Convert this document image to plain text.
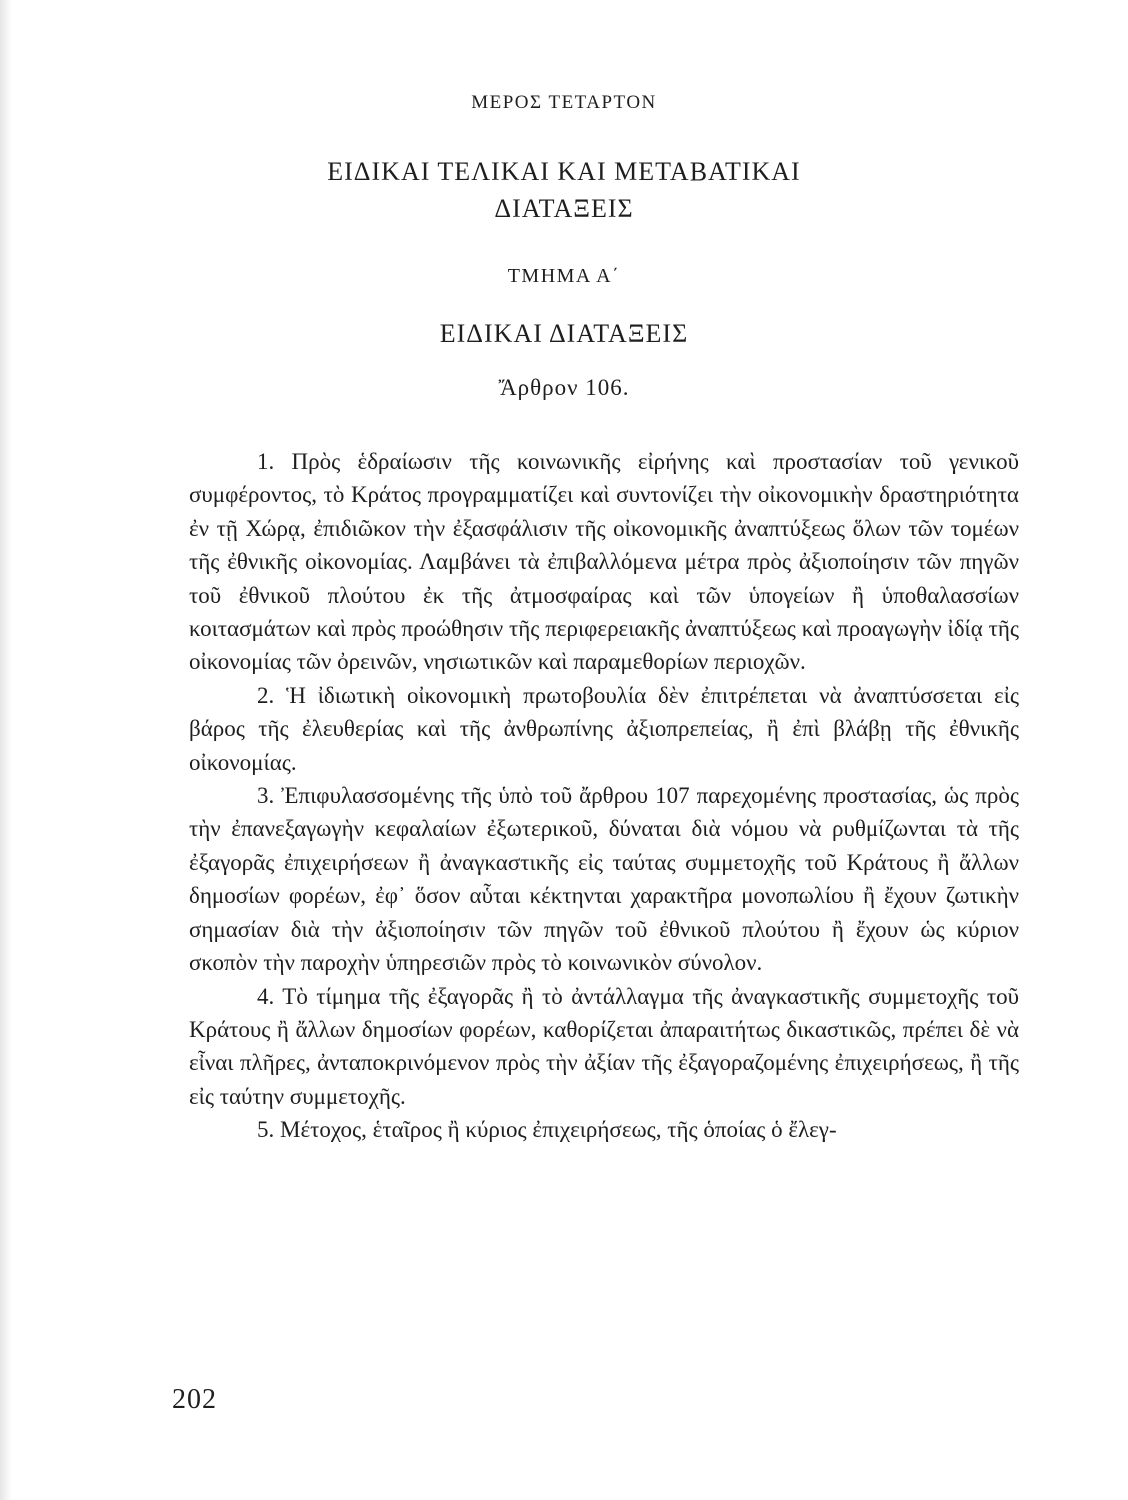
ΜΕΡΟΣ ΤΕΤΑΡΤΟΝ
ΕΙΔΙΚΑΙ ΤΕΛΙΚΑΙ ΚΑΙ ΜΕΤΑΒΑΤΙΚΑΙ
ΔΙΑΤΑΞΕΙΣ
ΤΜΗΜΑ Α΄
ΕΙΔΙΚΑΙ ΔΙΑΤΑΞΕΙΣ
Ἄρθρον 106.

1. Πρὸς ἑδραίωσιν τῆς κοινωνικῆς εἰρήνης καὶ προστασίαν τοῦ γενικοῦ συμφέροντος, τὸ Κράτος προγραμματίζει καὶ συντονίζει τὴν οἰκονομικὴν δραστηριότητα ἐν τῇ Χώρᾳ, ἐπιδιῶκον τὴν ἐξασφάλισιν τῆς οἰκονομικῆς ἀναπτύξεως ὅλων τῶν τομέων τῆς ἐθνικῆς οἰκονομίας. Λαμβάνει τὰ ἐπιβαλλόμενα μέτρα πρὸς ἀξιοποίησιν τῶν πηγῶν τοῦ ἐθνικοῦ πλούτου ἐκ τῆς ἀτμοσφαίρας καὶ τῶν ὑπογείων ἢ ὑποθαλασσίων κοιτασμάτων καὶ πρὸς προώθησιν τῆς περιφερειακῆς ἀναπτύξεως καὶ προαγωγὴν ἰδίᾳ τῆς οἰκονομίας τῶν ὀρεινῶν, νησιωτικῶν καὶ παραμεθορίων περιοχῶν.

2. Ἡ ἰδιωτικὴ οἰκονομικὴ πρωτοβουλία δὲν ἐπιτρέπεται νὰ ἀναπτύσσεται εἰς βάρος τῆς ἐλευθερίας καὶ τῆς ἀνθρωπίνης ἀξιοπρεπείας, ἢ ἐπὶ βλάβῃ τῆς ἐθνικῆς οἰκονομίας.

3. Ἐπιφυλασσομένης τῆς ὑπὸ τοῦ ἄρθρου 107 παρεχομένης προστασίας, ὡς πρὸς τὴν ἐπανεξαγωγὴν κεφαλαίων ἐξωτερικοῦ, δύναται διὰ νόμου νὰ ρυθμίζωνται τὰ τῆς ἐξαγορᾶς ἐπιχειρήσεων ἢ ἀναγκαστικῆς εἰς ταύτας συμμετοχῆς τοῦ Κράτους ἢ ἄλλων δημοσίων φορέων, ἐφ᾽ ὅσον αὗται κέκτηνται χαρακτῆρα μονοπωλίου ἢ ἔχουν ζωτικὴν σημασίαν διὰ τὴν ἀξιοποίησιν τῶν πηγῶν τοῦ ἐθνικοῦ πλούτου ἢ ἔχουν ὡς κύριον σκοπὸν τὴν παροχὴν ὑπηρεσιῶν πρὸς τὸ κοινωνικὸν σύνολον.

4. Τὸ τίμημα τῆς ἐξαγορᾶς ἢ τὸ ἀντάλλαγμα τῆς ἀναγκαστικῆς συμμετοχῆς τοῦ Κράτους ἢ ἄλλων δημοσίων φορέων, καθορίζεται ἀπαραιτήτως δικαστικῶς, πρέπει δὲ νὰ εἶναι πλῆρες, ἀνταποκρινόμενον πρὸς τὴν ἀξίαν τῆς ἐξαγοραζομένης ἐπιχειρήσεως, ἢ τῆς εἰς ταύτην συμμετοχῆς.

5. Μέτοχος, ἑταῖρος ἢ κύριος ἐπιχειρήσεως, τῆς ὁποίας ὁ ἔλεγ-

202
